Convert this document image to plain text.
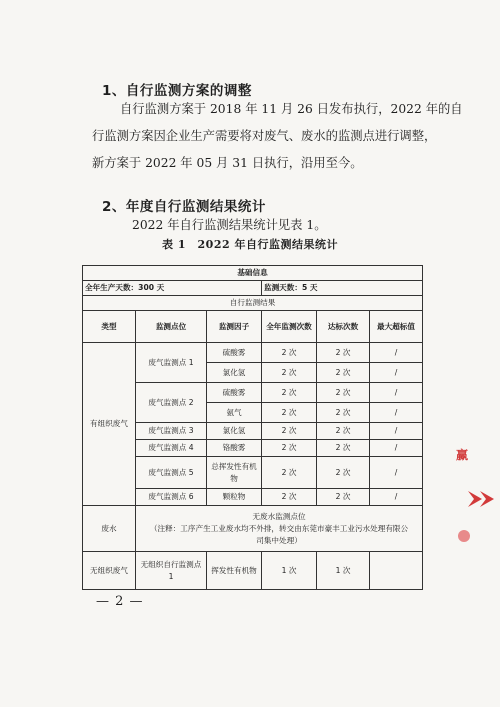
1、自行监测方案的调整
自行监测方案于 2018 年 11 月 26 日发布执行，2022 年的自
行监测方案因企业生产需要将对废气、废水的监测点进行调整，
新方案于 2022 年 05 月 31 日执行，沿用至今。
2、年度自行监测结果统计
2022 年自行监测结果统计见表 1。
表 1　2022 年自行监测结果统计
基础信息					
全年生产天数：300 天			监测天数：5 天		
自行监测结果					
类型	监测点位	监测因子	全年监测次数	达标次数	最大超标值
有组织废气	废气监测点 1	硫酸雾	2 次	2 次	/
		氯化氢	2 次	2 次	/
	废气监测点 2	硫酸雾	2 次	2 次	/
		氨气	2 次	2 次	/
	废气监测点 3	氯化氢	2 次	2 次	/
	废气监测点 4	铬酸雾	2 次	2 次	/
	废气监测点 5	总挥发性有机物	2 次	2 次	/
	废气监测点 6	颗粒物	2 次	2 次	/
废水	无废水监测点位
（注释：工序产生工业废水均不外排，转交由东莞市豪丰工业污水处理有限公
司集中处理）				

无组织废气	无组织自行监测点 1	挥发性有机物	1 次	1 次	
— 2 —
赢
